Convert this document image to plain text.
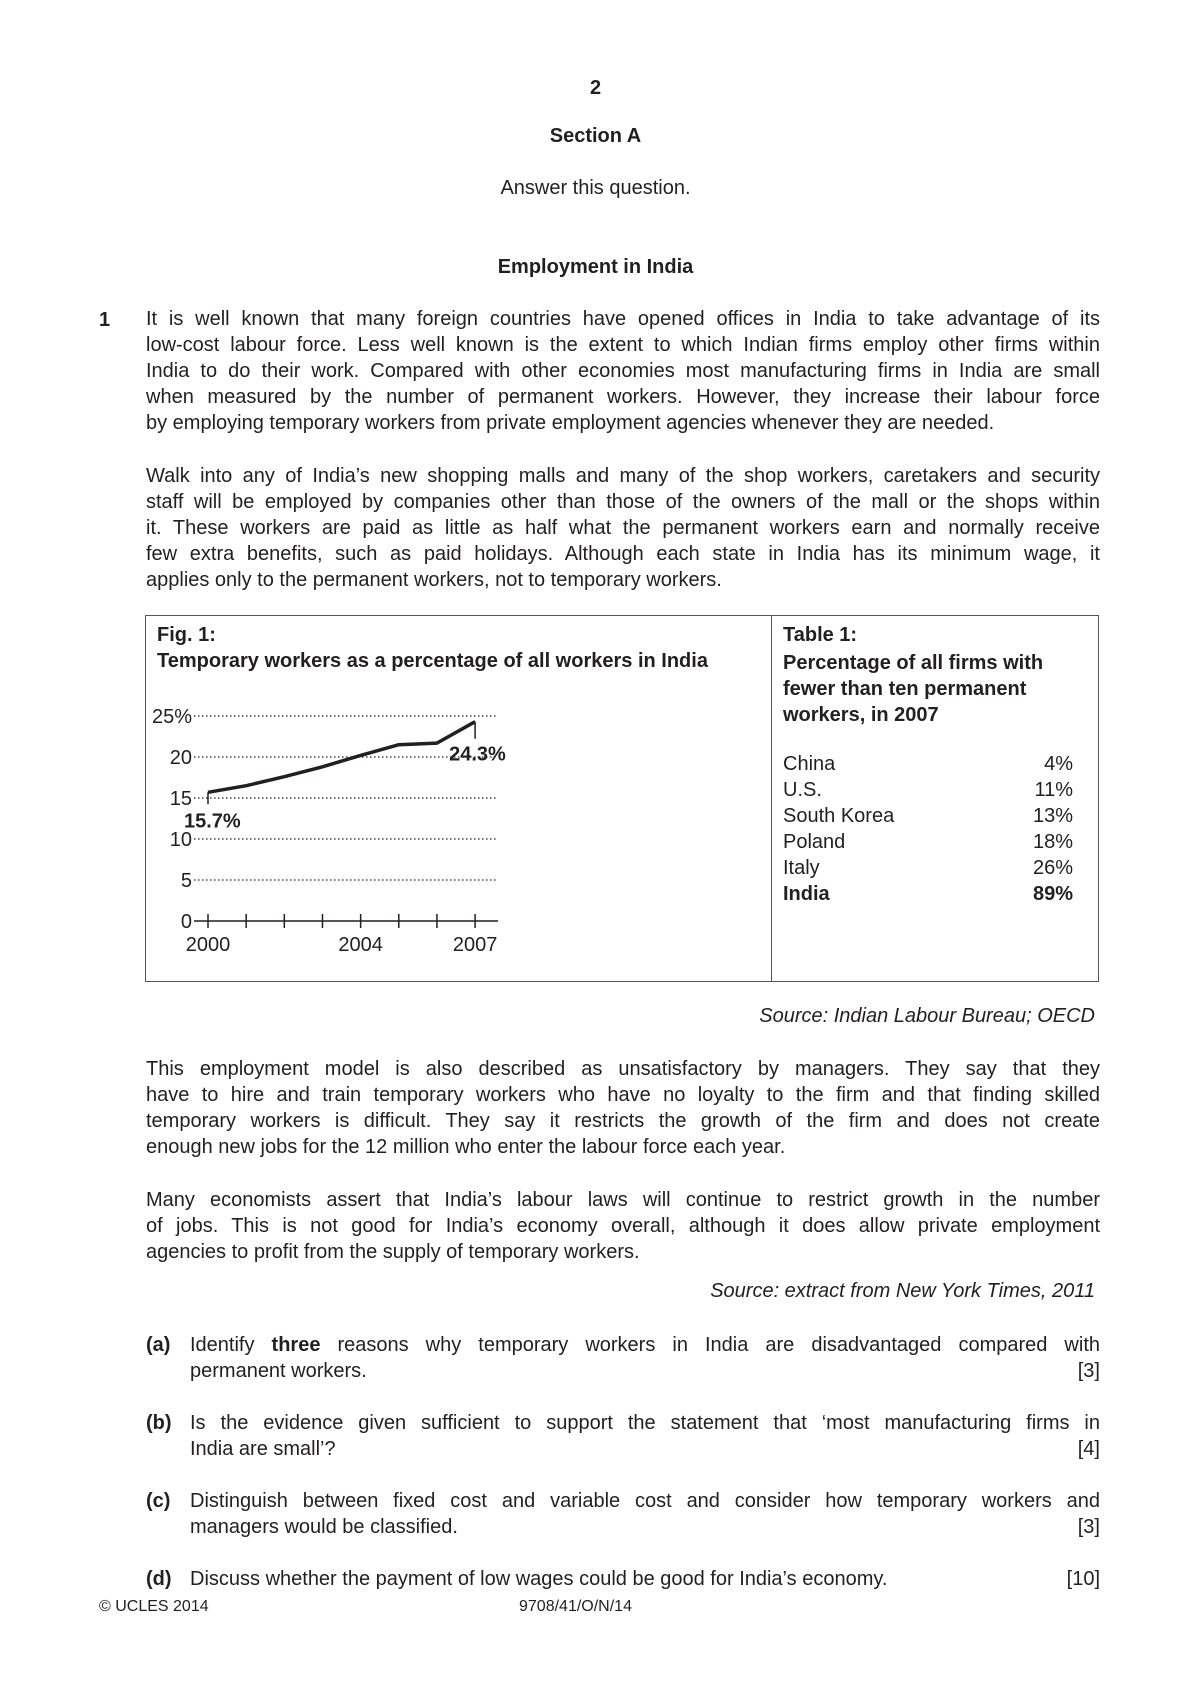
2
Section A
Answer this question.
Employment in India
1 It is well known that many foreign countries have opened offices in India to take advantage of its
low-cost labour force. Less well known is the extent to which Indian firms employ other firms within
India to do their work. Compared with other economies most manufacturing firms in India are small
when measured by the number of permanent workers. However, they increase their labour force
by employing temporary workers from private employment agencies whenever they are needed.

Walk into any of India’s new shopping malls and many of the shop workers, caretakers and security
staff will be employed by companies other than those of the owners of the mall or the shops within
it. These workers are paid as little as half what the permanent workers earn and normally receive
few extra benefits, such as paid holidays. Although each state in India has its minimum wage, it
applies only to the permanent workers, not to temporary workers.

Fig. 1:
Temporary workers as a percentage of all workers in India
25%
20
15
10
5
0
2000	2004	2007
15.7%
24.3%
Table 1:
Percentage of all firms with
fewer than ten permanent
workers, in 2007
China	4%
U.S.	11%
South Korea	13%
Poland	18%
Italy	26%
India	89%
Source: Indian Labour Bureau; OECD

This employment model is also described as unsatisfactory by managers. They say that they
have to hire and train temporary workers who have no loyalty to the firm and that finding skilled
temporary workers is difficult. They say it restricts the growth of the firm and does not create
enough new jobs for the 12 million who enter the labour force each year.

Many economists assert that India’s labour laws will continue to restrict growth in the number
of jobs. This is not good for India’s economy overall, although it does allow private employment
agencies to profit from the supply of temporary workers.

Source: extract from New York Times, 2011
(a) Identify three reasons why temporary workers in India are disadvantaged compared with
permanent workers.	[3]
(b) Is the evidence given sufficient to support the statement that ‘most manufacturing firms in
India are small’?	[4]
(c) Distinguish between fixed cost and variable cost and consider how temporary workers and
managers would be classified.	[3]
(d) Discuss whether the payment of low wages could be good for India’s economy.	[10]
© UCLES 2014	9708/41/O/N/14
